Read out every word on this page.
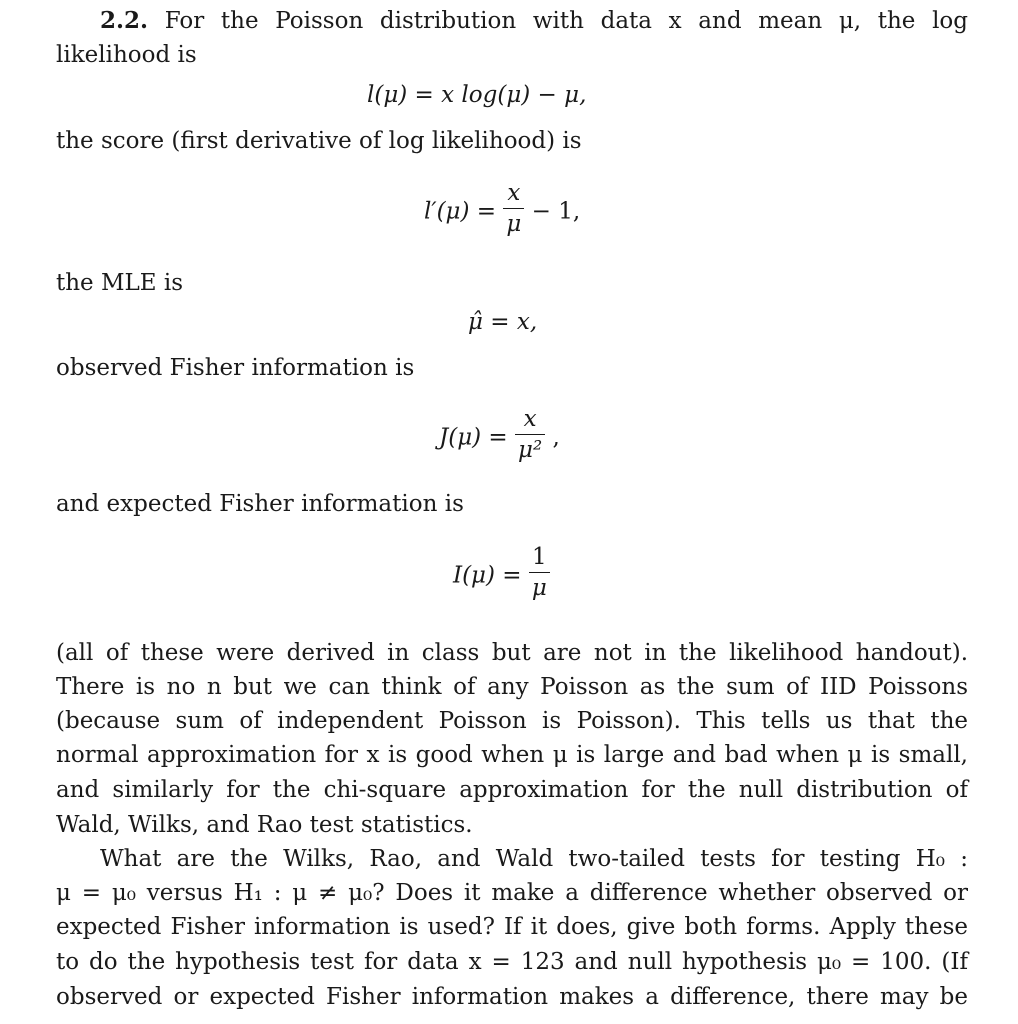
2.2. For the Poisson distribution with data x and mean μ, the log
likelihood is
l(μ) = x log(μ) − μ,
the score (first derivative of log likelihood) is
$l'(\mu) = \frac{x}{\mu} - 1$,
the MLE is
μ̂ = x,
observed Fisher information is
$J(\mu) = \frac{x}{\text{μ²}}$ ,
and expected Fisher information is
$I(\mu) = \frac{1}{\mu}$
(all of these were derived in class but are not in the likelihood handout).
There is no n but we can think of any Poisson as the sum of IID Poissons
(because sum of independent Poisson is Poisson). This tells us that the
normal approximation for x is good when μ is large and bad when μ is small,
and similarly for the chi-square approximation for the null distribution of
Wald, Wilks, and Rao test statistics.
What are the Wilks, Rao, and Wald two-tailed tests for testing H₀ :
μ = μ₀ versus H₁ : μ ≠ μ₀? Does it make a difference whether observed or
expected Fisher information is used? If it does, give both forms. Apply these
to do the hypothesis test for data x = 123 and null hypothesis μ₀ = 100. (If
observed or expected Fisher information makes a difference, there may be
